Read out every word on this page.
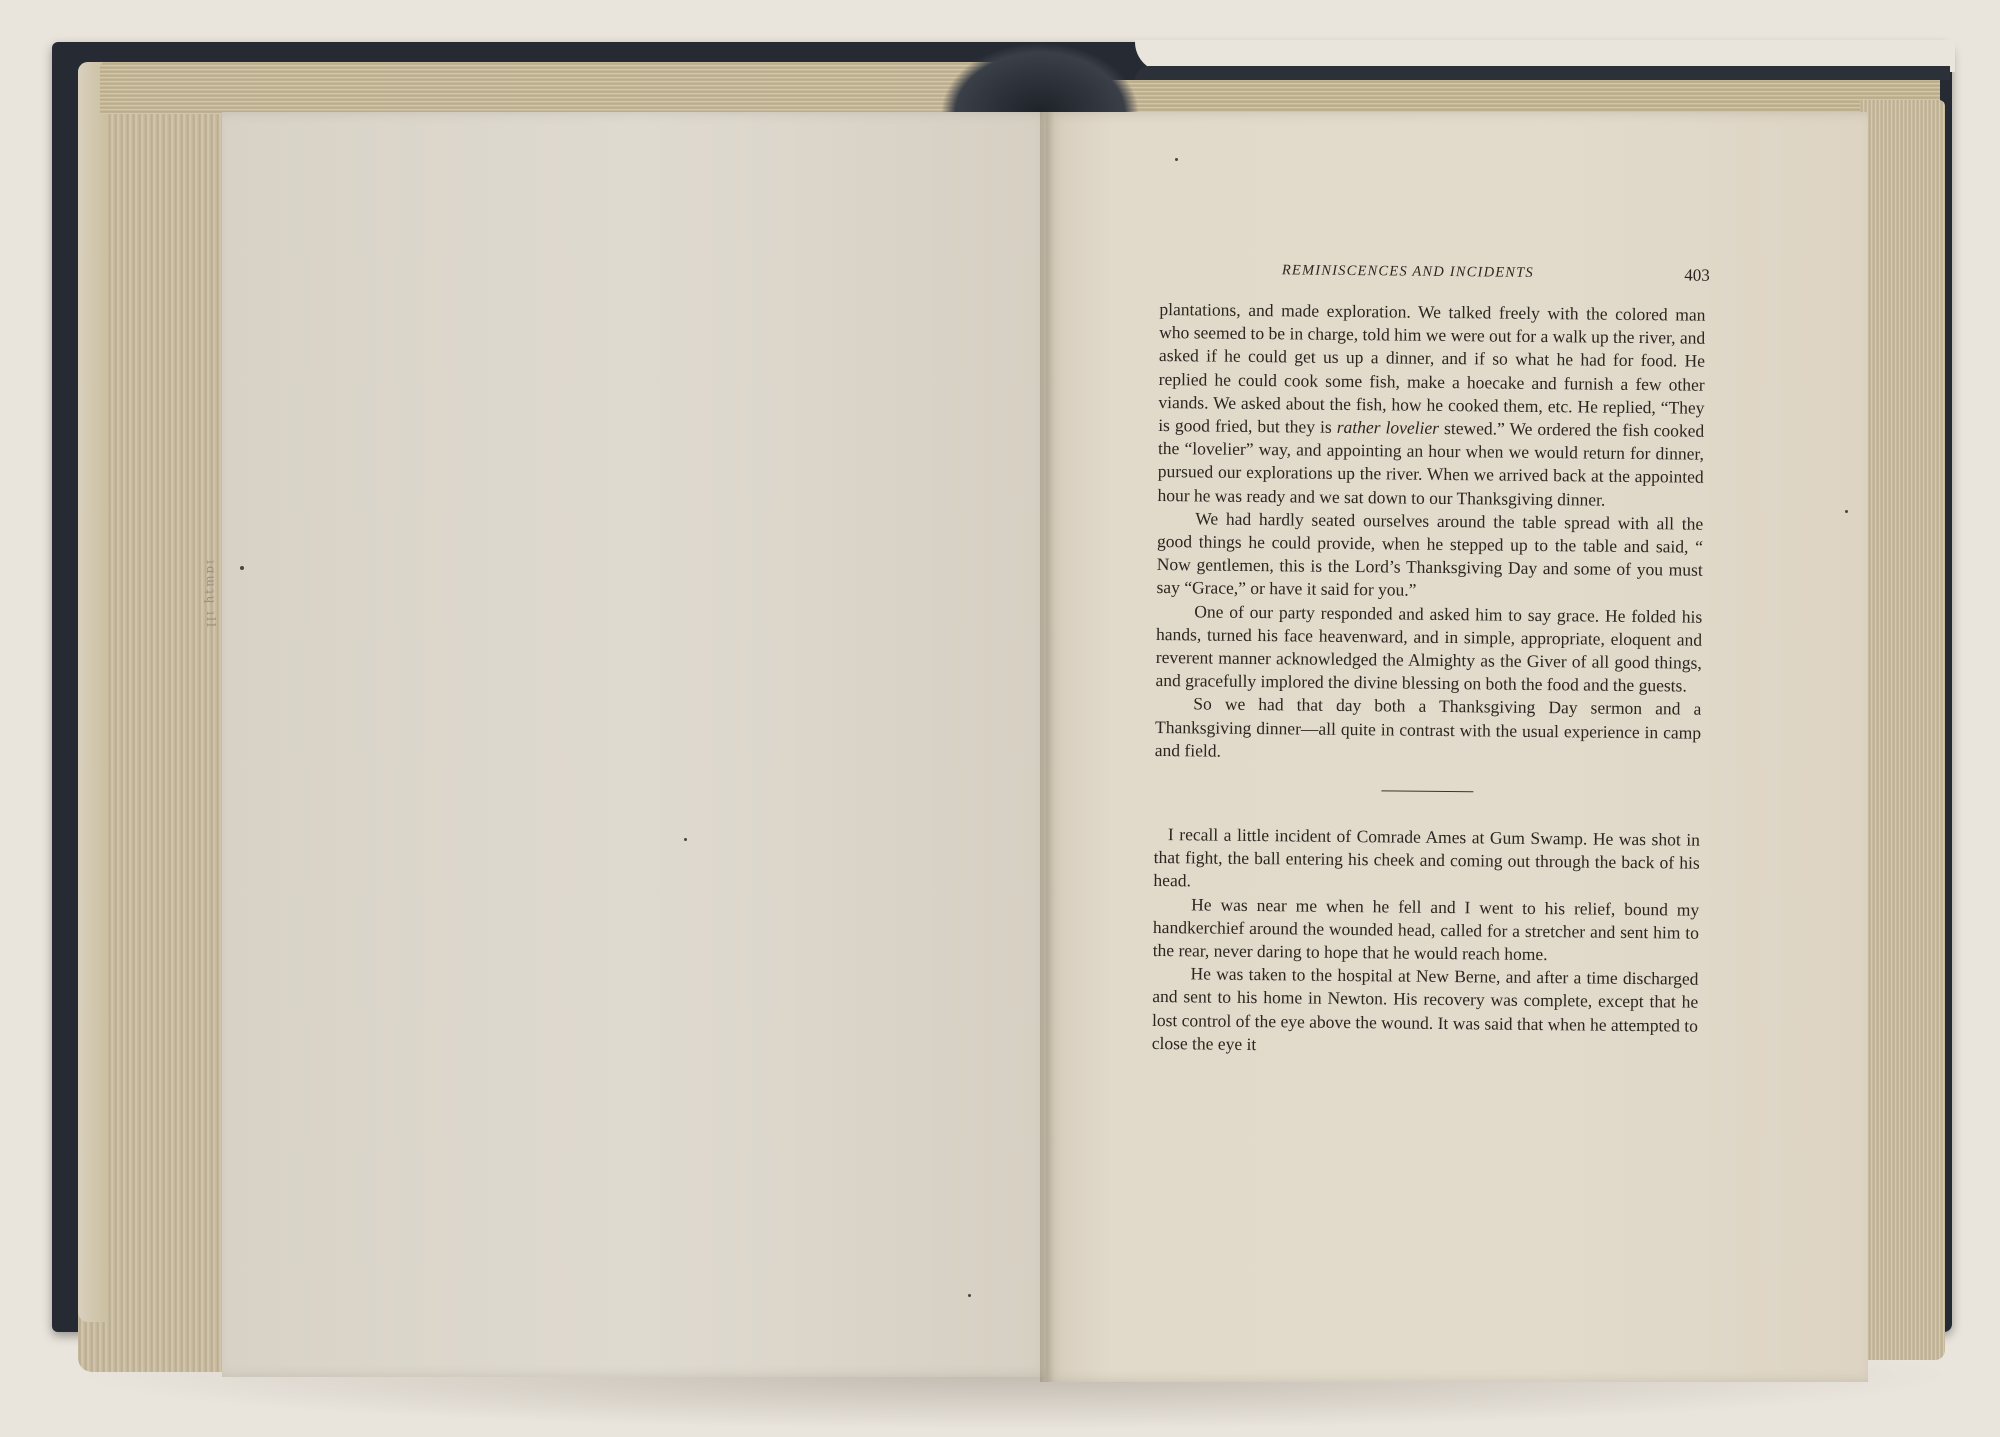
ıɑɯʇɥ ıll
REMINISCENCES AND INCIDENTS	403

plantations, and made exploration. We talked freely with the colored man who seemed to be in charge, told him we were out for a walk up the river, and asked if he could get us up a dinner, and if so what he had for food. He replied he could cook some fish, make a hoecake and furnish a few other viands. We asked about the fish, how he cooked them, etc. He replied, “They is good fried, but they is rather lovelier stewed.” We ordered the fish cooked the “lovelier” way, and appointing an hour when we would return for dinner, pursued our explorations up the river. When we arrived back at the appointed hour he was ready and we sat down to our Thanksgiving dinner.

We had hardly seated ourselves around the table spread with all the good things he could provide, when he stepped up to the table and said, “ Now gentlemen, this is the Lord’s Thanksgiving Day and some of you must say “Grace,” or have it said for you.”

One of our party responded and asked him to say grace. He folded his hands, turned his face heavenward, and in simple, appropriate, eloquent and reverent manner acknowledged the Almighty as the Giver of all good things, and gracefully implored the divine blessing on both the food and the guests.

So we had that day both a Thanksgiving Day sermon and a Thanksgiving dinner—all quite in contrast with the usual experience in camp and field.

I recall a little incident of Comrade Ames at Gum Swamp. He was shot in that fight, the ball entering his cheek and coming out through the back of his head.

He was near me when he fell and I went to his relief, bound my handkerchief around the wounded head, called for a stretcher and sent him to the rear, never daring to hope that he would reach home.

He was taken to the hospital at New Berne, and after a time discharged and sent to his home in Newton. His recovery was complete, except that he lost control of the eye above the wound. It was said that when he attempted to close the eye it
